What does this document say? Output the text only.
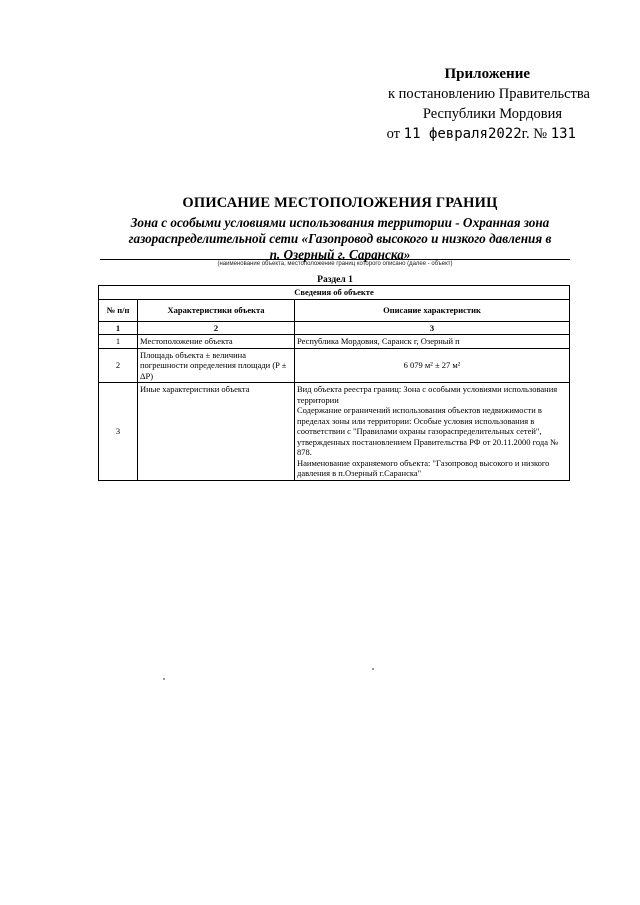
Приложение
к постановлению Правительства
Республики Мордовия
от 11 февраля2022г. № 131
ОПИСАНИЕ МЕСТОПОЛОЖЕНИЯ ГРАНИЦ
Зона с особыми условиями использования территории - Охранная зона
газораспределительной сети «Газопровод высокого и низкого давления в
п. Озерный г. Саранска»
(наименование объекта, местоположение границ которого описано (далее - объект)
Раздел 1
Сведения об объекте		
№ п/п	Характеристики объекта	Описание характеристик
1	2	3
1	Местоположение объекта	Республика Мордовия, Саранск г, Озерный п
2	Площадь объекта ± величина погрешности определения площади (P ± ΔP)	6 079 м² ± 27 м²
3	Иные характеристики объекта	Вид объекта реестра границ: Зона с особыми условиями использования территории
Содержание ограничений использования объектов недвижимости в пределах зоны или территории: Особые условия использования в соответствии с "Правилами охраны газораспределительных сетей", утвержденных постановлением Правительства РФ от 20.11.2000 года № 878.
Наименование охраняемого объекта: "Газопровод высокого и низкого давления в п.Озерный г.Саранска"
